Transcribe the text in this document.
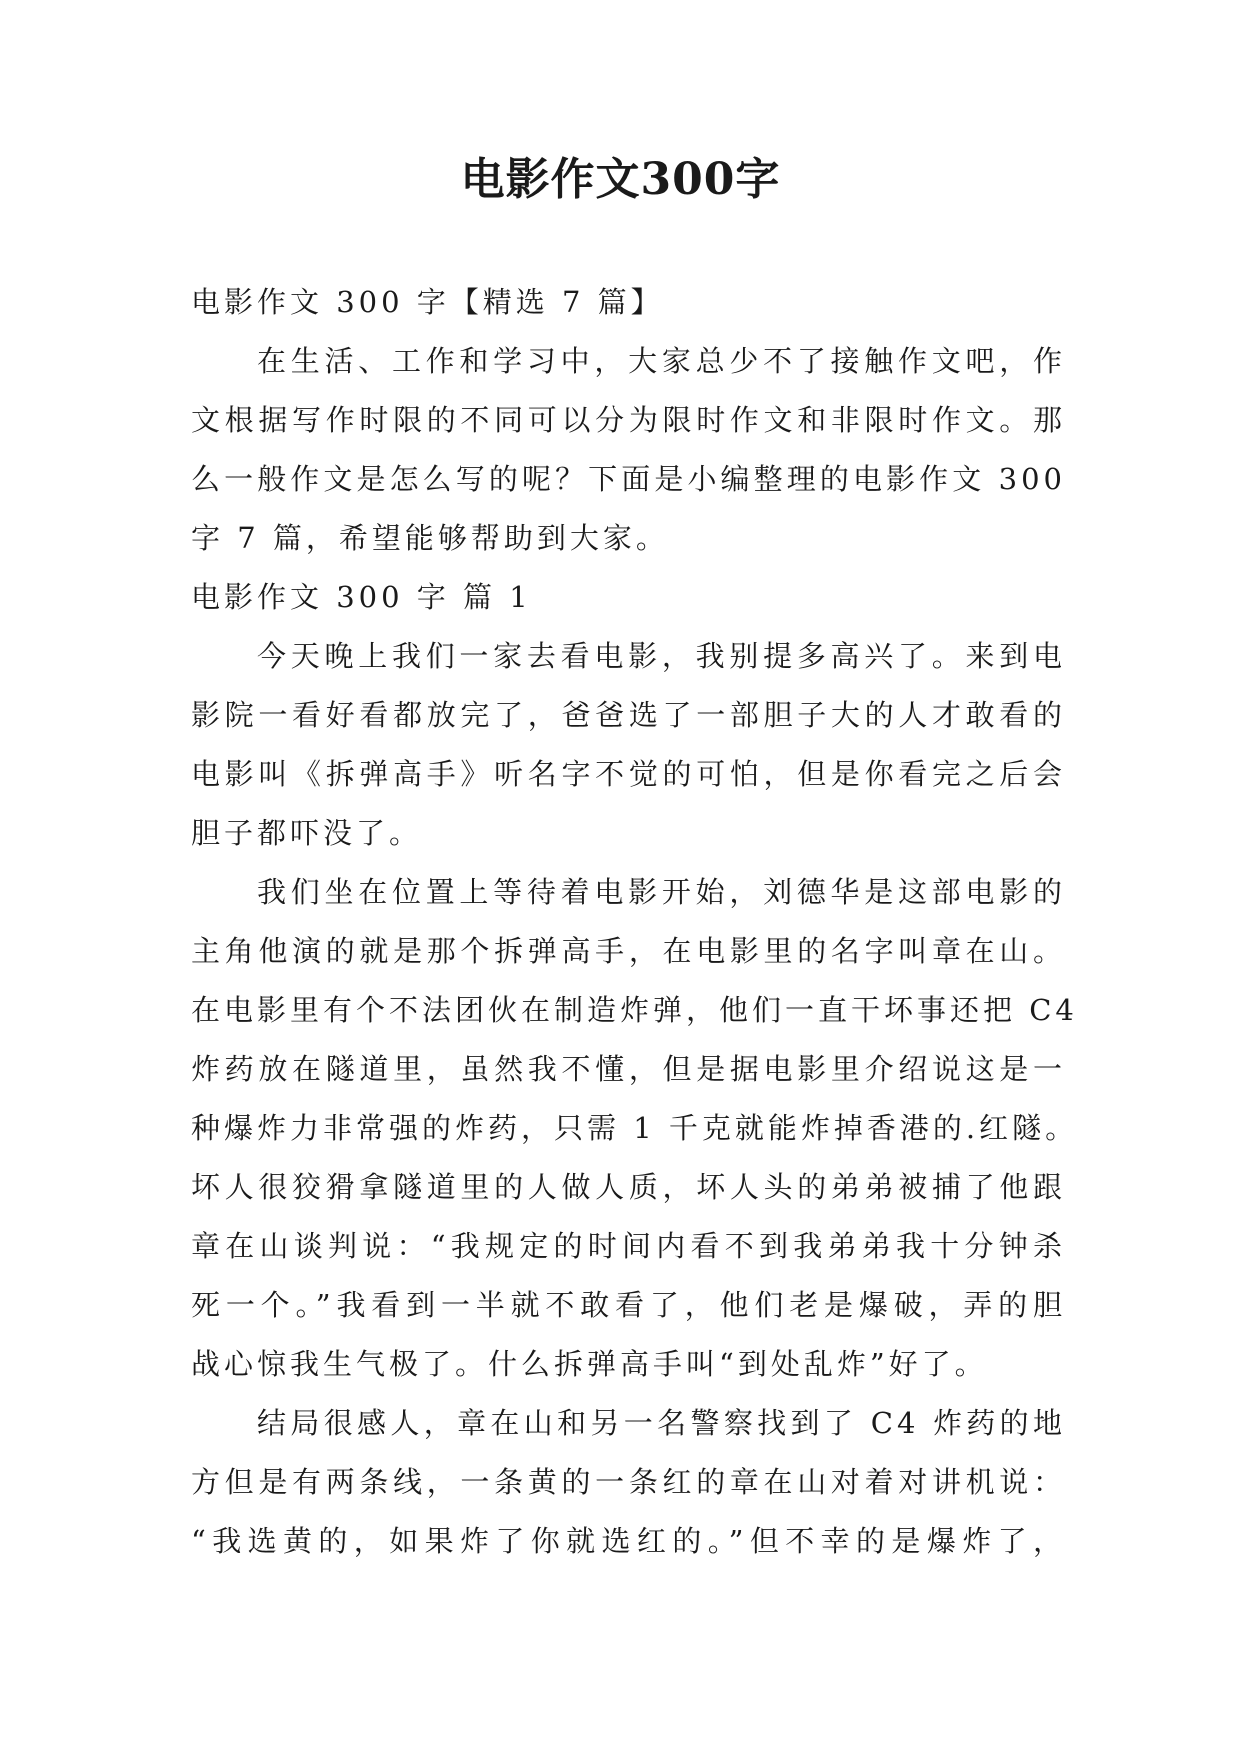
电影作文300字

电影作文 300 字【精选 7 篇】

在生活、工作和学习中，大家总少不了接触作文吧，作

文根据写作时限的不同可以分为限时作文和非限时作文。那

么一般作文是怎么写的呢？下面是小编整理的电影作文 300

字 7 篇，希望能够帮助到大家。

电影作文 300 字 篇 1

今天晚上我们一家去看电影，我别提多高兴了。来到电

影院一看好看都放完了，爸爸选了一部胆子大的人才敢看的

电影叫《拆弹高手》听名字不觉的可怕，但是你看完之后会

胆子都吓没了。

我们坐在位置上等待着电影开始，刘德华是这部电影的

主角他演的就是那个拆弹高手，在电影里的名字叫章在山。

在电影里有个不法团伙在制造炸弹，他们一直干坏事还把 C4

炸药放在隧道里，虽然我不懂，但是据电影里介绍说这是一

种爆炸力非常强的炸药，只需 1 千克就能炸掉香港的.红隧。

坏人很狡猾拿隧道里的人做人质，坏人头的弟弟被捕了他跟

章在山谈判说：“我规定的时间内看不到我弟弟我十分钟杀

死一个。”我看到一半就不敢看了，他们老是爆破，弄的胆

战心惊我生气极了。什么拆弹高手叫“到处乱炸”好了。

结局很感人，章在山和另一名警察找到了 C4 炸药的地

方但是有两条线，一条黄的一条红的章在山对着对讲机说：

“我选黄的，如果炸了你就选红的。”但不幸的是爆炸了，
